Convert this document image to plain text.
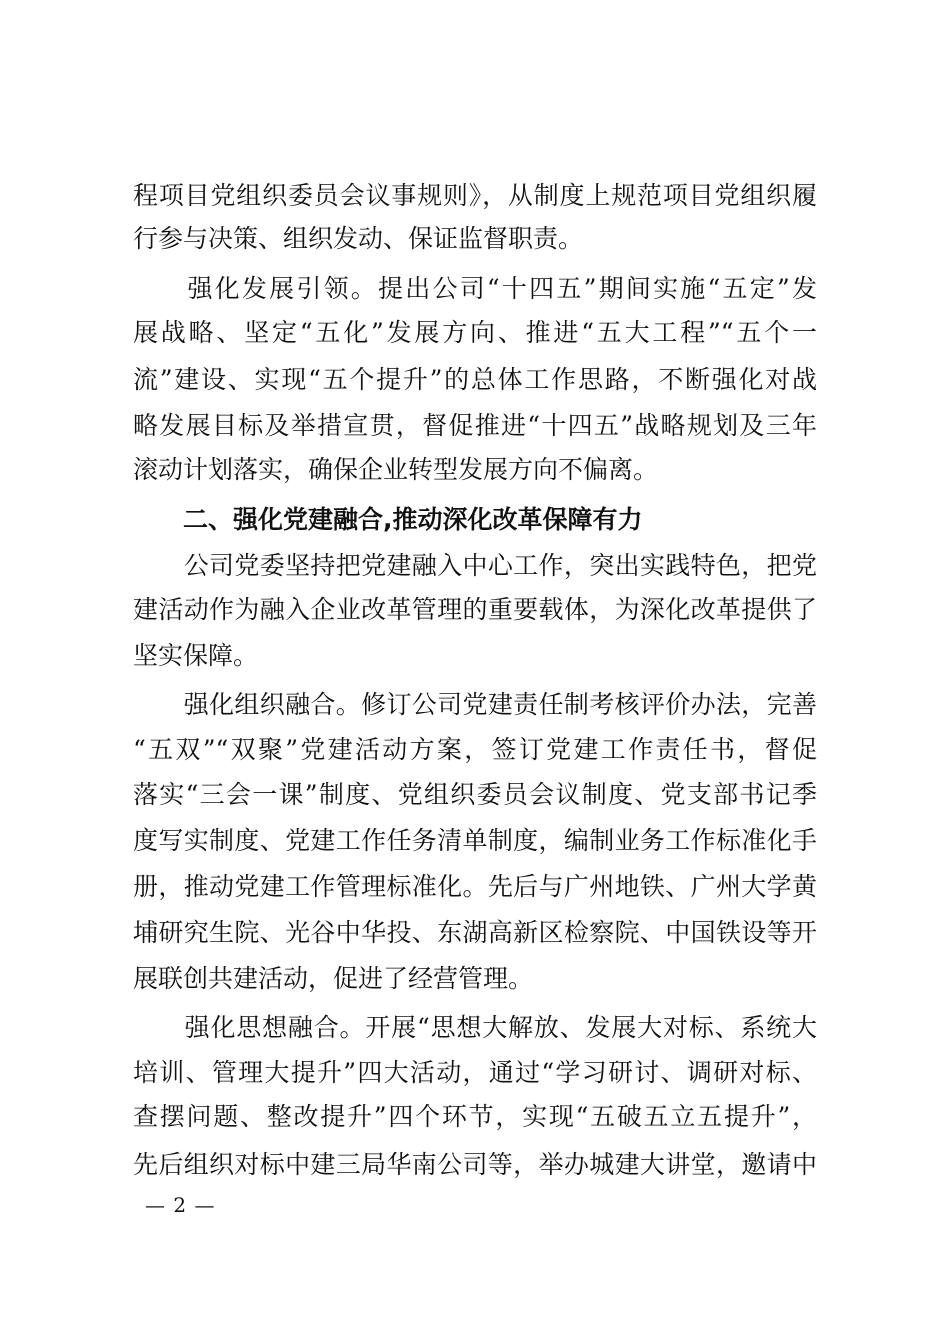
程项目党组织委员会议事规则》，从制度上规范项目党组织履
行参与决策、组织发动、保证监督职责。
　　强化发展引领。提出公司“十四五”期间实施“五定”发
展战略、坚定“五化”发展方向、推进“五大工程”“五个一
流”建设、实现“五个提升”的总体工作思路，不断强化对战
略发展目标及举措宣贯，督促推进“十四五”战略规划及三年
滚动计划落实，确保企业转型发展方向不偏离。
　　二、强化党建融合,推动深化改革保障有力
　　公司党委坚持把党建融入中心工作，突出实践特色，把党
建活动作为融入企业改革管理的重要载体，为深化改革提供了
坚实保障。
　　强化组织融合。修订公司党建责任制考核评价办法，完善
“五双”“双聚”党建活动方案，签订党建工作责任书，督促
落实“三会一课”制度、党组织委员会议制度、党支部书记季
度写实制度、党建工作任务清单制度，编制业务工作标准化手
册，推动党建工作管理标准化。先后与广州地铁、广州大学黄
埔研究生院、光谷中华投、东湖高新区检察院、中国铁设等开
展联创共建活动，促进了经营管理。
　　强化思想融合。开展“思想大解放、发展大对标、系统大
培训、管理大提升”四大活动，通过“学习研讨、调研对标、
查摆问题、整改提升”四个环节，实现“五破五立五提升”，
先后组织对标中建三局华南公司等，举办城建大讲堂，邀请中
— 2 —
